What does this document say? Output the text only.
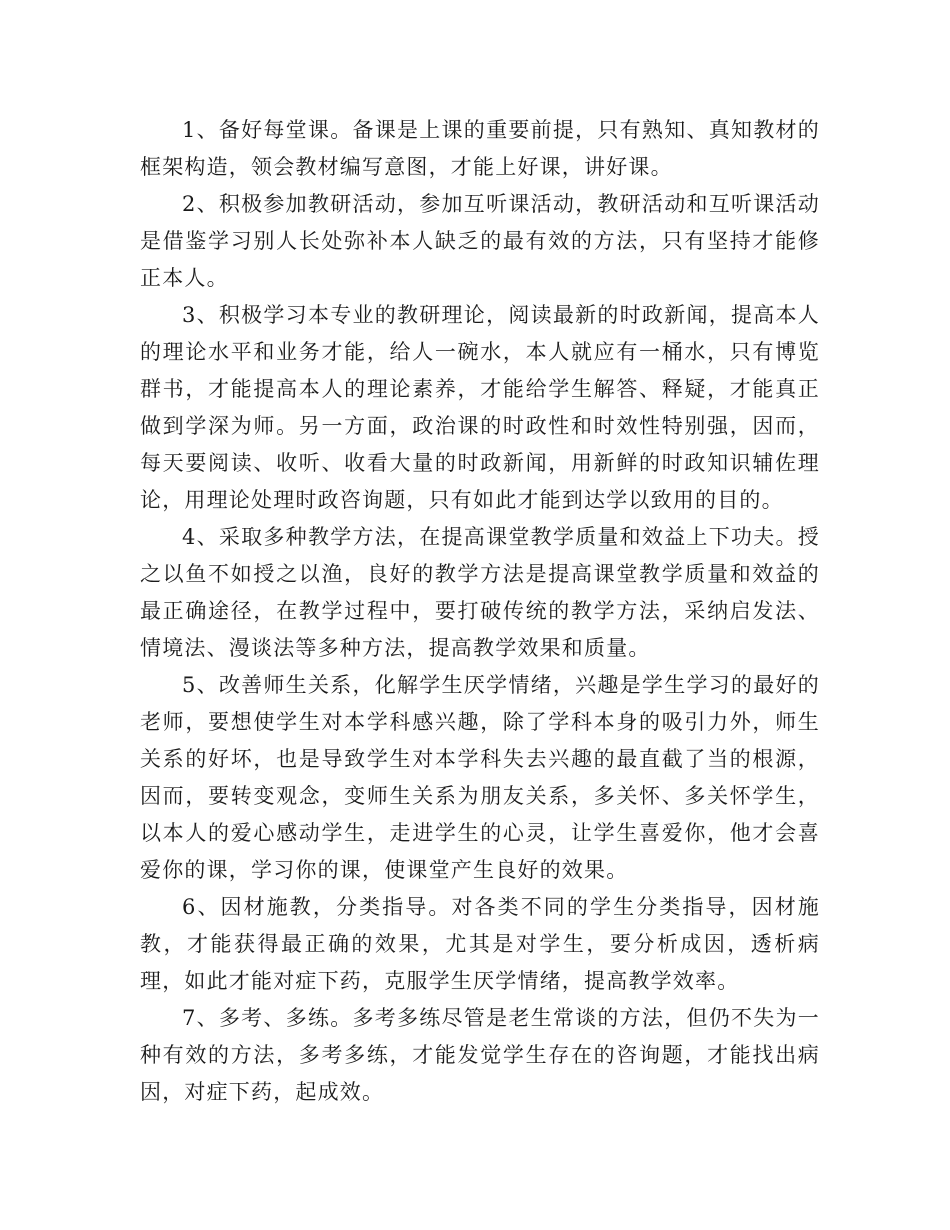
1、备好每堂课。备课是上课的重要前提，只有熟知、真知教材的框架构造，领会教材编写意图，才能上好课，讲好课。

2、积极参加教研活动，参加互听课活动，教研活动和互听课活动是借鉴学习别人长处弥补本人缺乏的最有效的方法，只有坚持才能修正本人。

3、积极学习本专业的教研理论，阅读最新的时政新闻，提高本人的理论水平和业务才能，给人一碗水，本人就应有一桶水，只有博览群书，才能提高本人的理论素养，才能给学生解答、释疑，才能真正做到学深为师。另一方面，政治课的时政性和时效性特别强，因而，每天要阅读、收听、收看大量的时政新闻，用新鲜的时政知识辅佐理论，用理论处理时政咨询题，只有如此才能到达学以致用的目的。

4、采取多种教学方法，在提高课堂教学质量和效益上下功夫。授之以鱼不如授之以渔，良好的教学方法是提高课堂教学质量和效益的最正确途径，在教学过程中，要打破传统的教学方法，采纳启发法、情境法、漫谈法等多种方法，提高教学效果和质量。

5、改善师生关系，化解学生厌学情绪，兴趣是学生学习的最好的老师，要想使学生对本学科感兴趣，除了学科本身的吸引力外，师生关系的好坏，也是导致学生对本学科失去兴趣的最直截了当的根源，因而，要转变观念，变师生关系为朋友关系，多关怀、多关怀学生，以本人的爱心感动学生，走进学生的心灵，让学生喜爱你，他才会喜爱你的课，学习你的课，使课堂产生良好的效果。

6、因材施教，分类指导。对各类不同的学生分类指导，因材施教，才能获得最正确的效果，尤其是对学生，要分析成因，透析病理，如此才能对症下药，克服学生厌学情绪，提高教学效率。

7、多考、多练。多考多练尽管是老生常谈的方法，但仍不失为一种有效的方法，多考多练，才能发觉学生存在的咨询题，才能找出病因，对症下药，起成效。
